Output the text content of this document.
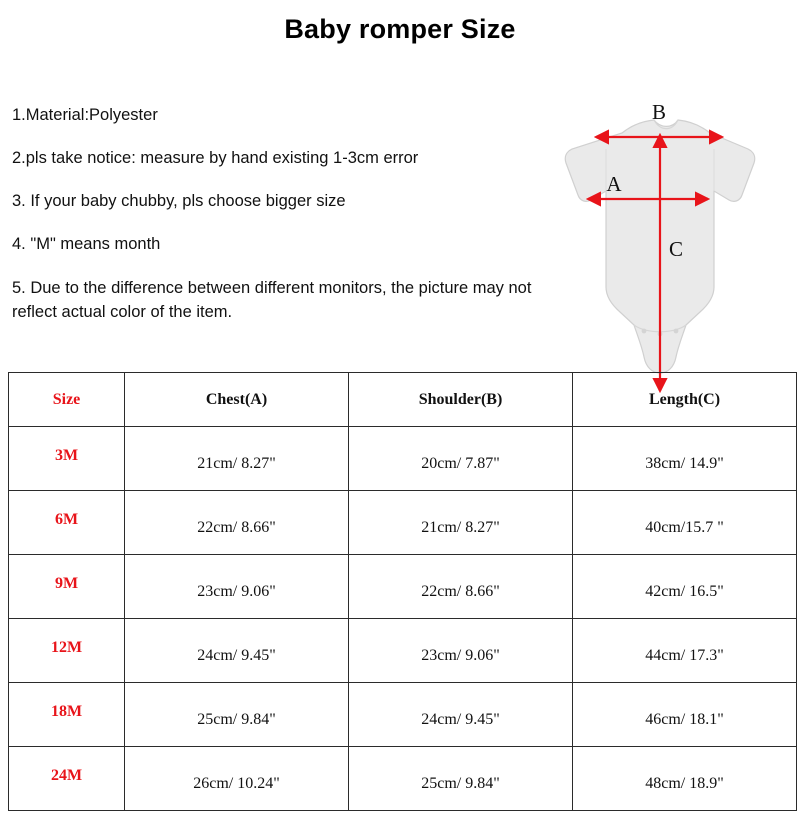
Baby romper Size
1.Material:Polyester
2.pls take notice: measure by hand existing 1-3cm error
3. If your baby chubby, pls choose bigger size
4. "M" means month
5. Due to the difference between different monitors, the picture may not reflect actual color of the item.
B
A
C
Size	Chest(A)	Shoulder(B)	Length(C)
3M	21cm/ 8.27"	20cm/ 7.87"	38cm/ 14.9"
6M	22cm/ 8.66"	21cm/ 8.27"	40cm/15.7 "
9M	23cm/ 9.06"	22cm/ 8.66"	42cm/ 16.5"
12M	24cm/ 9.45"	23cm/ 9.06"	44cm/ 17.3"
18M	25cm/ 9.84"	24cm/ 9.45"	46cm/ 18.1"
24M	26cm/ 10.24"	25cm/ 9.84"	48cm/ 18.9"
